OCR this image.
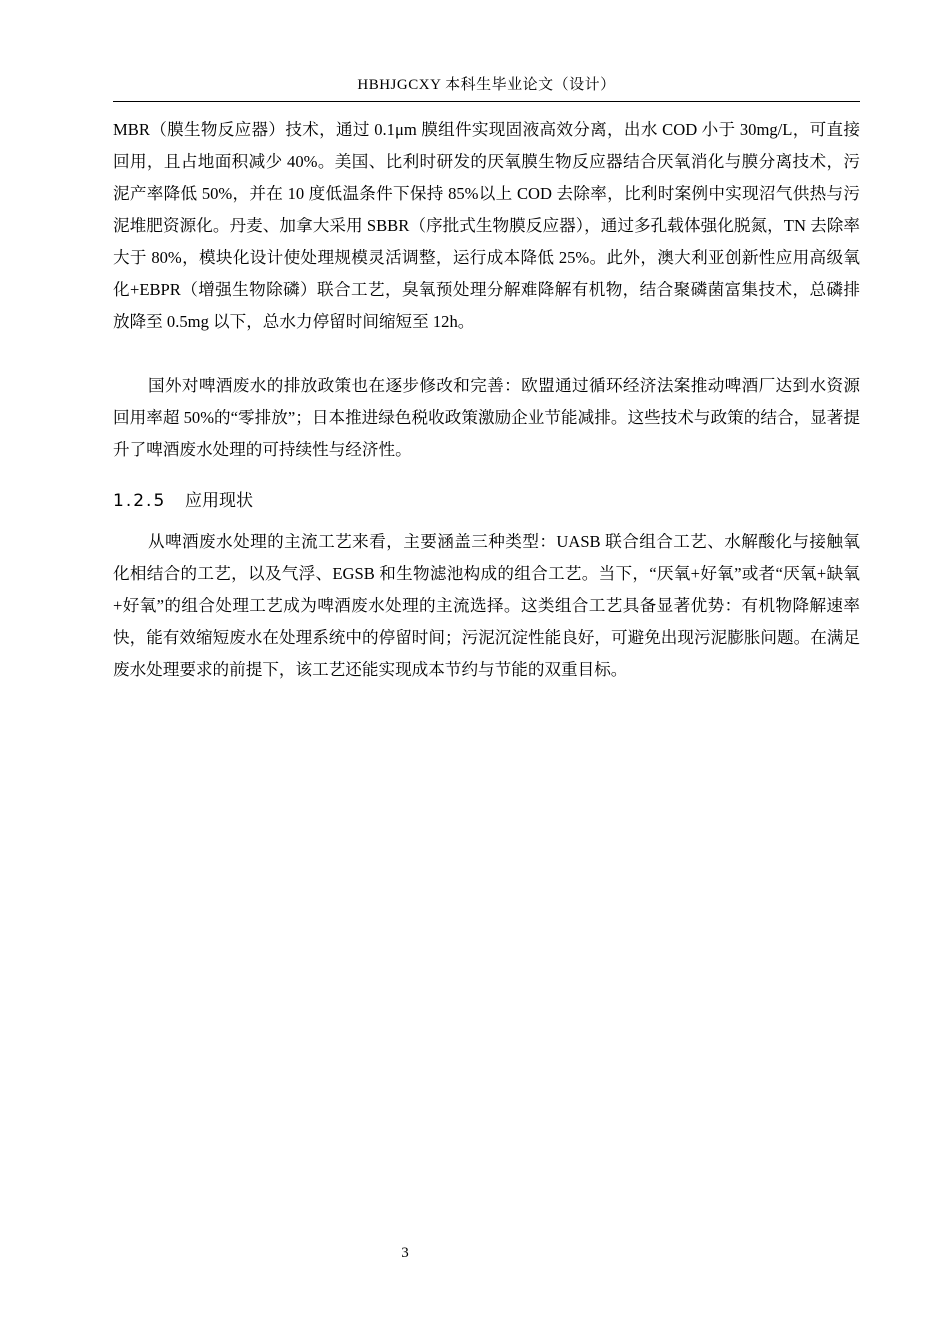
HBHJGCXY 本科生毕业论文（设计）

MBR（膜生物反应器）技术，通过 0.1μm 膜组件实现固液高效分离，出水 COD 小于 30mg/L，可直接回用，且占地面积减少 40%。美国、比利时研发的厌氧膜生物反应器结合厌氧消化与膜分离技术，污泥产率降低 50%，并在 10 度低温条件下保持 85%以上 COD 去除率，比利时案例中实现沼气供热与污泥堆肥资源化。丹麦、加拿大采用 SBBR（序批式生物膜反应器），通过多孔载体强化脱氮，TN 去除率大于 80%，模块化设计使处理规模灵活调整，运行成本降低 25%。此外，澳大利亚创新性应用高级氧化+EBPR（增强生物除磷）联合工艺，臭氧预处理分解难降解有机物，结合聚磷菌富集技术，总磷排放降至 0.5mg 以下，总水力停留时间缩短至 12h。

国外对啤酒废水的排放政策也在逐步修改和完善：欧盟通过循环经济法案推动啤酒厂达到水资源回用率超 50%的“零排放”；日本推进绿色税收政策激励企业节能减排。这些技术与政策的结合，显著提升了啤酒废水处理的可持续性与经济性。

1.2.5 应用现状

从啤酒废水处理的主流工艺来看，主要涵盖三种类型：UASB 联合组合工艺、水解酸化与接触氧化相结合的工艺，以及气浮、EGSB 和生物滤池构成的组合工艺。当下，“厌氧+好氧”或者“厌氧+缺氧+好氧”的组合处理工艺成为啤酒废水处理的主流选择。这类组合工艺具备显著优势：有机物降解速率快，能有效缩短废水在处理系统中的停留时间；污泥沉淀性能良好，可避免出现污泥膨胀问题。在满足废水处理要求的前提下，该工艺还能实现成本节约与节能的双重目标。

3
